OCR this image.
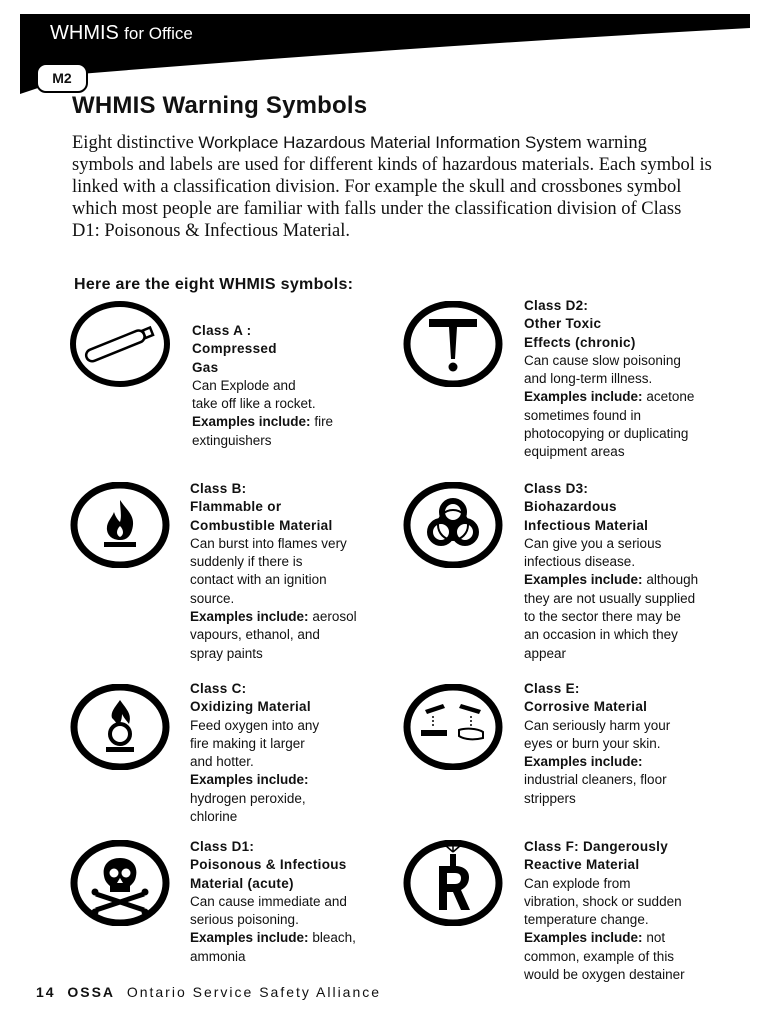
WHMIS for Office
M2
WHMIS Warning Symbols

Eight distinctive Workplace Hazardous Material Information System warning symbols and labels are used for different kinds of hazardous materials. Each symbol is linked with a classification division. For example the skull and crossbones symbol which most people are familiar with falls under the classification division of Class D1: Poisonous & Infectious Material.

Here are the eight WHMIS symbols:

Class A :
Compressed
Gas
Can Explode and
take off like a rocket.
Examples include: fire
extinguishers
Class B:
Flammable or
Combustible Material
Can burst into flames very
suddenly if there is
contact with an ignition
source.
Examples include: aerosol
vapours, ethanol, and
spray paints
Class C:
Oxidizing Material
Feed oxygen into any
fire making it larger
and hotter.
Examples include:
hydrogen peroxide,
chlorine
Class D1:
Poisonous & Infectious
Material (acute)
Can cause immediate and
serious poisoning.
Examples include: bleach,
ammonia
Class D2:
Other Toxic
Effects (chronic)
Can cause slow poisoning
and long-term illness.
Examples include: acetone
sometimes found in
photocopying or duplicating
equipment areas
Class D3:
Biohazardous
Infectious Material
Can give you a serious
infectious disease.
Examples include: although
they are not usually supplied
to the sector there may be
an occasion in which they
appear
Class E:
Corrosive Material
Can seriously harm your
eyes or burn your skin.
Examples include:
industrial cleaners, floor
strippers
Class F: Dangerously
Reactive Material
Can explode from
vibration, shock or sudden
temperature change.
Examples include: not
common, example of this
would be oxygen destainer
14 OSSA Ontario Service Safety Alliance
